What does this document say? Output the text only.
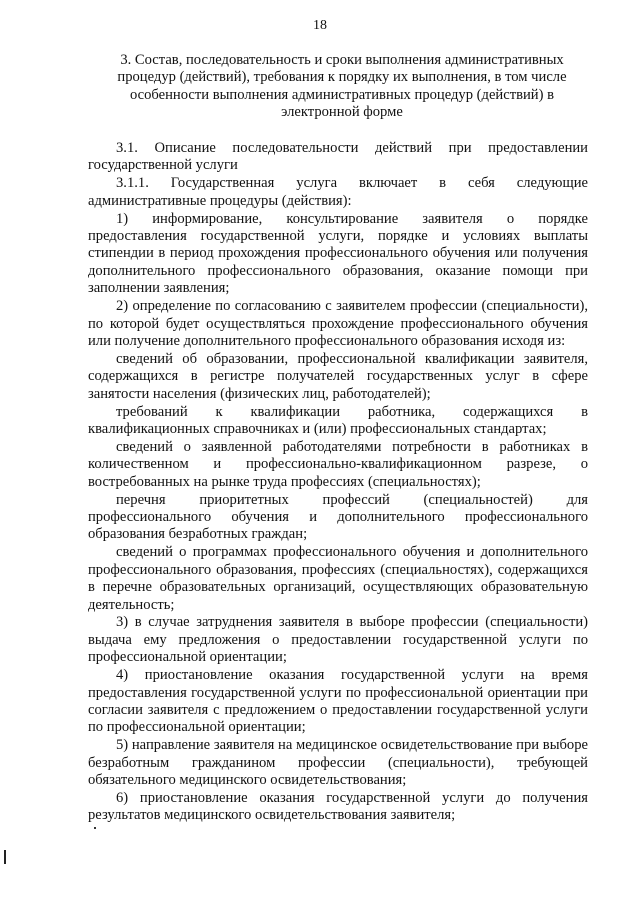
18
3. Состав, последовательность и сроки выполнения административных
процедур (действий), требования к порядку их выполнения, в том числе
особенности выполнения административных процедур (действий) в
электронной форме

3.1. Описание последовательности действий при предоставлении государственной услуги

3.1.1. Государственная услуга включает в себя следующие административные процедуры (действия):

1) информирование, консультирование заявителя о порядке предоставления государственной услуги, порядке и условиях выплаты стипендии в период прохождения профессионального обучения или получения дополнительного профессионального образования, оказание помощи при заполнении заявления;

2) определение по согласованию с заявителем профессии (специальности), по которой будет осуществляться прохождение профессионального обучения или получение дополнительного профессионального образования исходя из:

сведений об образовании, профессиональной квалификации заявителя, содержащихся в регистре получателей государственных услуг в сфере занятости населения (физических лиц, работодателей);

требований к квалификации работника, содержащихся в квалификационных справочниках и (или) профессиональных стандартах;

сведений о заявленной работодателями потребности в работниках в количественном и профессионально-квалификационном разрезе, о востребованных на рынке труда профессиях (специальностях);

перечня приоритетных профессий (специальностей) для профессионального обучения и дополнительного профессионального образования безработных граждан;

сведений о программах профессионального обучения и дополнительного профессионального образования, профессиях (специальностях), содержащихся в перечне образовательных организаций, осуществляющих образовательную деятельность;

3) в случае затруднения заявителя в выборе профессии (специальности) выдача ему предложения о предоставлении государственной услуги по профессиональной ориентации;

4) приостановление оказания государственной услуги на время предоставления государственной услуги по профессиональной ориентации при согласии заявителя с предложением о предоставлении государственной услуги по профессиональной ориентации;

5) направление заявителя на медицинское освидетельствование при выборе безработным гражданином профессии (специальности), требующей обязательного медицинского освидетельствования;

6) приостановление оказания государственной услуги до получения результатов медицинского освидетельствования заявителя;
